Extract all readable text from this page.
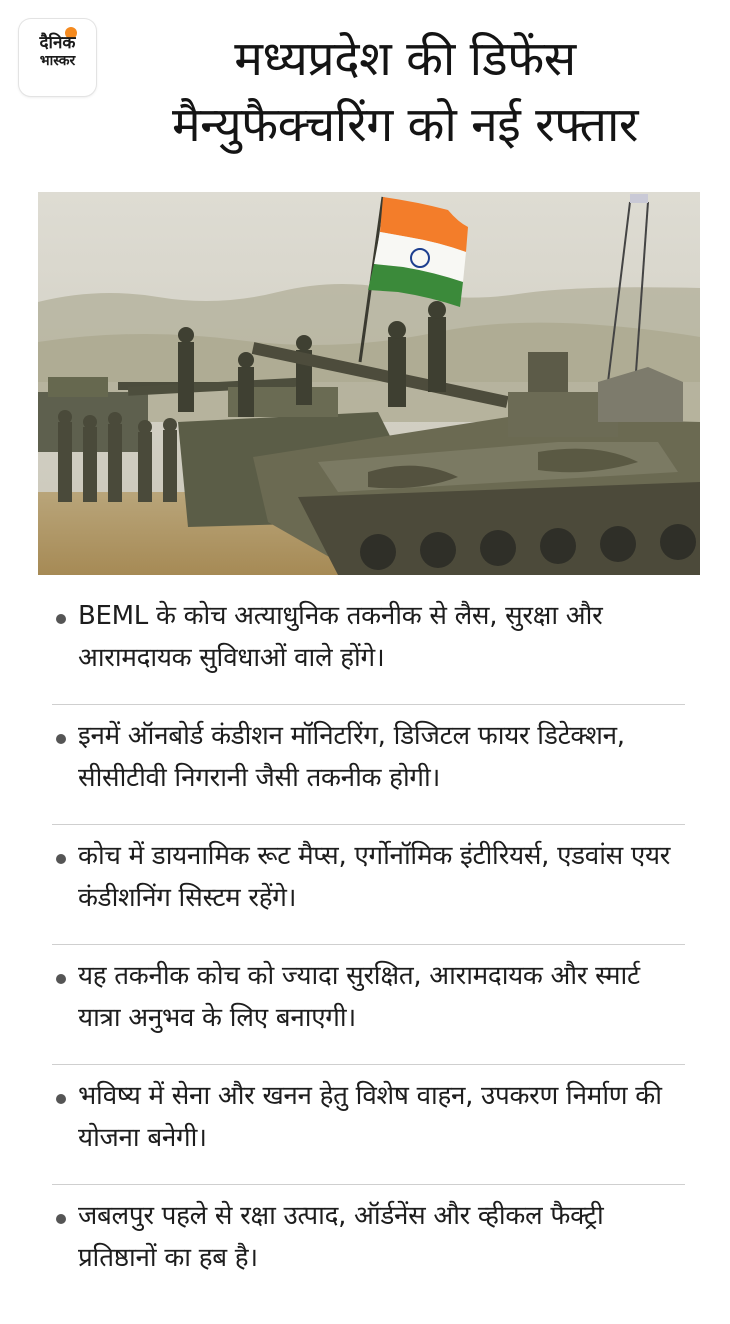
दैनिक
भास्कर	मध्यप्रदेश की डिफेंस
मैन्युफैक्चरिंग को नई रफ्तार
BEML के कोच अत्याधुनिक तकनीक से लैस, सुरक्षा और आरामदायक सुविधाओं वाले होंगे।
इनमें ऑनबोर्ड कंडीशन मॉनिटरिंग, डिजिटल फायर डिटेक्शन, सीसीटीवी निगरानी जैसी तकनीक होगी।
कोच में डायनामिक रूट मैप्स, एर्गोनॉमिक इंटीरियर्स, एडवांस एयर कंडीशनिंग सिस्टम रहेंगे।
यह तकनीक कोच को ज्यादा सुरक्षित, आरामदायक और स्मार्ट यात्रा अनुभव के लिए बनाएगी।
भविष्य में सेना और खनन हेतु विशेष वाहन, उपकरण निर्माण की योजना बनेगी।
जबलपुर पहले से रक्षा उत्पाद, ऑर्डनेंस और व्हीकल फैक्ट्री प्रतिष्ठानों का हब है।
